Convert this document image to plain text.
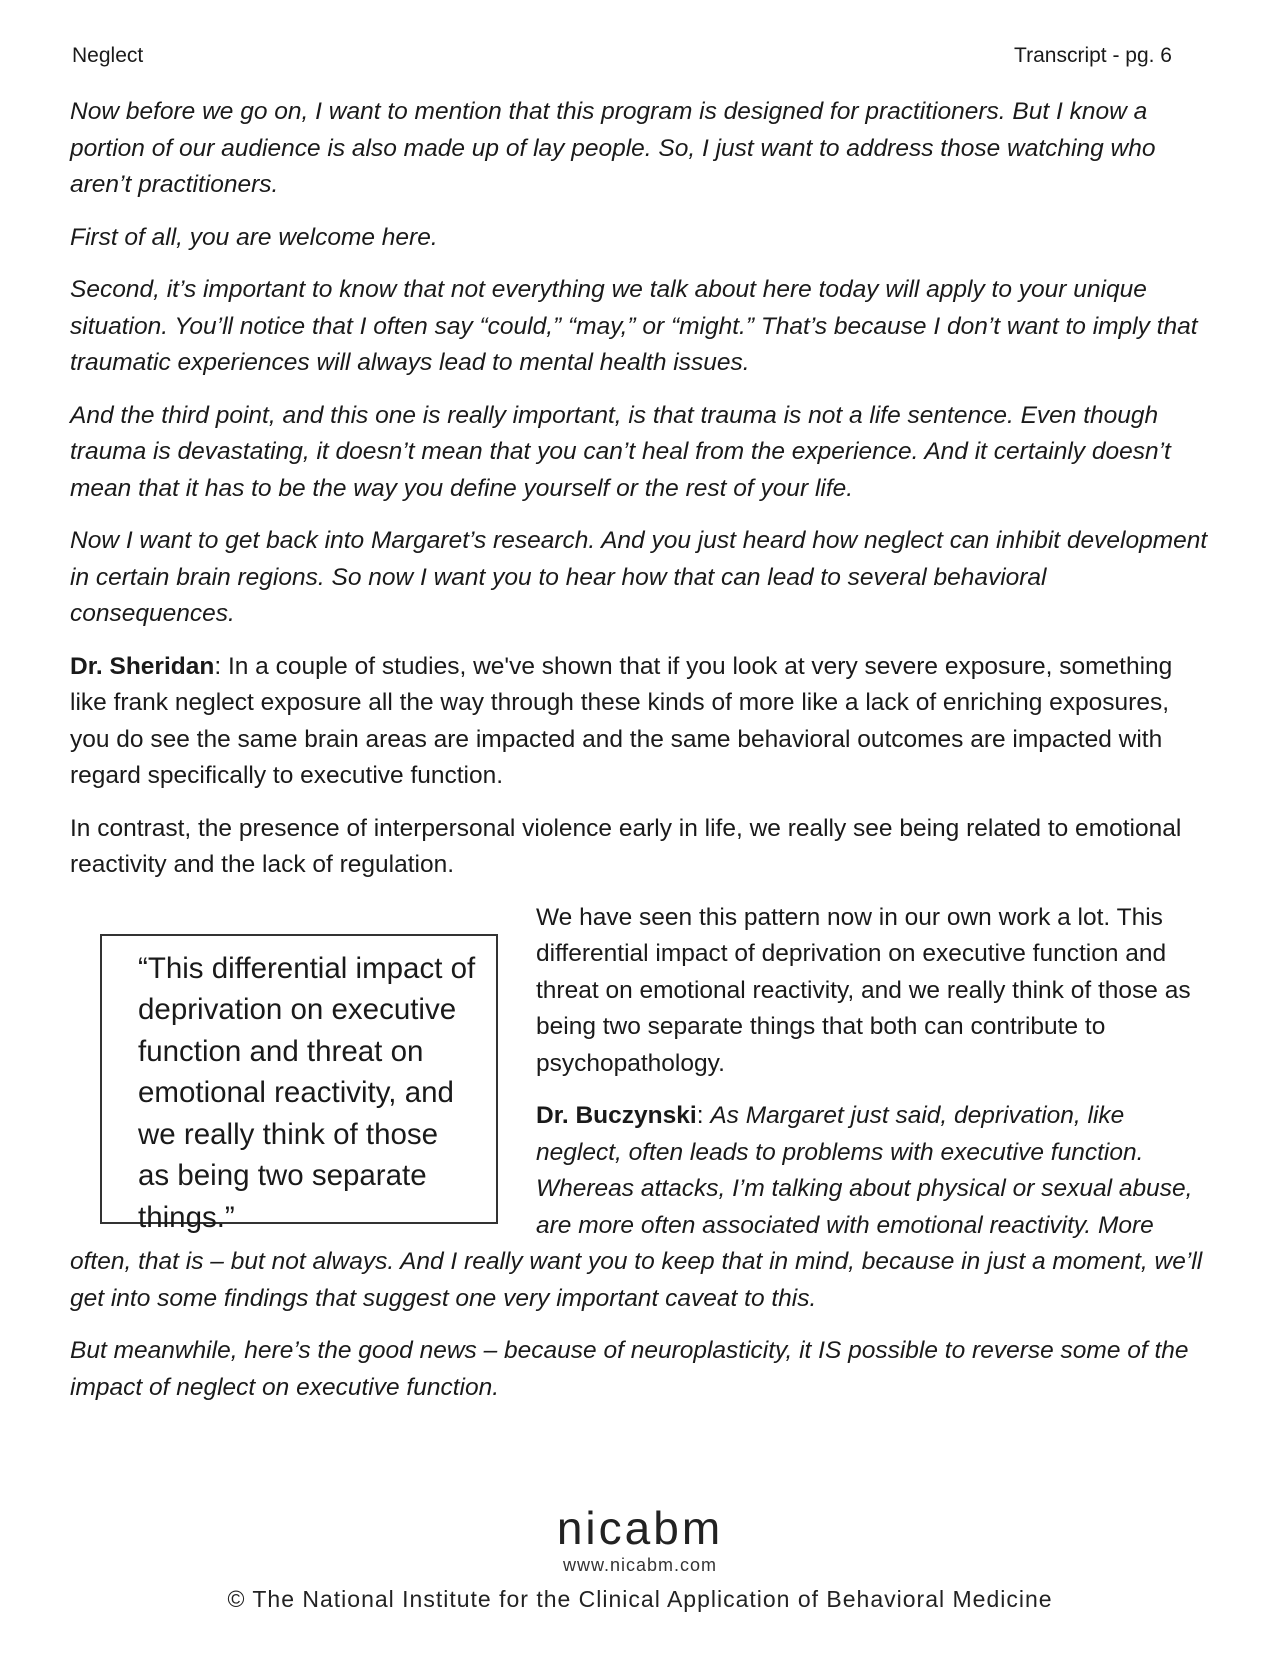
Neglect	Transcript - pg. 6

Now before we go on, I want to mention that this program is designed for practitioners. But I know a portion of our audience is also made up of lay people. So, I just want to address those watching who aren’t practitioners.

First of all, you are welcome here.

Second, it’s important to know that not everything we talk about here today will apply to your unique situation. You’ll notice that I often say “could,” “may,” or “might.” That’s because I don’t want to imply that traumatic experiences will always lead to mental health issues.

And the third point, and this one is really important, is that trauma is not a life sentence. Even though trauma is devastating, it doesn’t mean that you can’t heal from the experience. And it certainly doesn’t mean that it has to be the way you define yourself or the rest of your life.

Now I want to get back into Margaret’s research. And you just heard how neglect can inhibit development in certain brain regions. So now I want you to hear how that can lead to several behavioral consequences.

Dr. Sheridan: In a couple of studies, we've shown that if you look at very severe exposure, something like frank neglect exposure all the way through these kinds of more like a lack of enriching exposures, you do see the same brain areas are impacted and the same behavioral outcomes are impacted with regard specifically to executive function.

In contrast, the presence of interpersonal violence early in life, we really see being related to emotional reactivity and the lack of regulation.

“This differential impact of deprivation on executive function and threat on emotional reactivity, and we really think of those as being two separate things.”

We have seen this pattern now in our own work a lot. This differential impact of deprivation on executive function and threat on emotional reactivity, and we really think of those as being two separate things that both can contribute to psychopathology.

Dr. Buczynski: As Margaret just said, deprivation, like neglect, often leads to problems with executive function. Whereas attacks, I’m talking about physical or sexual abuse, are more often associated with emotional reactivity. More often, that is – but not always. And I really want you to keep that in mind, because in just a moment, we’ll get into some findings that suggest one very important caveat to this.

But meanwhile, here’s the good news – because of neuroplasticity, it IS possible to reverse some of the impact of neglect on executive function.

nicabm
www.nicabm.com
© The National Institute for the Clinical Application of Behavioral Medicine
